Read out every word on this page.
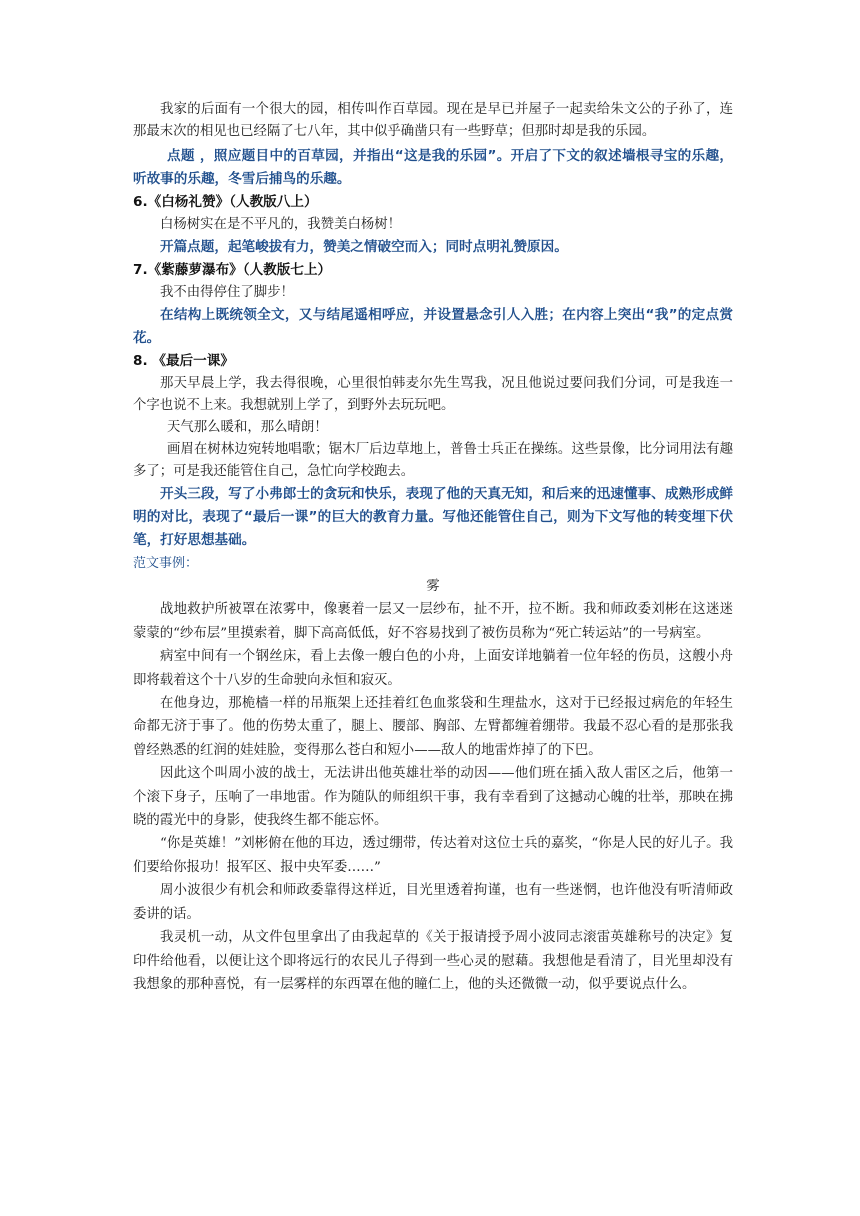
我家的后面有一个很大的园，相传叫作百草园。现在是早已并屋子一起卖给朱文公的子孙了，连那最末次的相见也已经隔了七八年，其中似乎确凿只有一些野草；但那时却是我的乐园。

点题 ，照应题目中的百草园，并指出“这是我的乐园”。开启了下文的叙述墙根寻宝的乐趣，听故事的乐趣，冬雪后捕鸟的乐趣。

6.《白杨礼赞》（人教版八上）

白杨树实在是不平凡的，我赞美白杨树！

开篇点题，起笔峻拔有力，赞美之情破空而入；同时点明礼赞原因。

7.《紫藤萝瀑布》（人教版七上）

我不由得停住了脚步！

在结构上既统领全文，又与结尾遥相呼应，并设置悬念引人入胜；在内容上突出“我”的定点赏花。

8. 《最后一课》

那天早晨上学，我去得很晚，心里很怕韩麦尔先生骂我，况且他说过要问我们分词，可是我连一个字也说不上来。我想就别上学了，到野外去玩玩吧。

天气那么暖和，那么晴朗！

画眉在树林边宛转地唱歌；锯木厂后边草地上，普鲁士兵正在操练。这些景像，比分词用法有趣多了；可是我还能管住自己，急忙向学校跑去。

开头三段，写了小弗郎士的贪玩和快乐，表现了他的天真无知，和后来的迅速懂事、成熟形成鲜明的对比，表现了“最后一课”的巨大的教育力量。写他还能管住自己，则为下文写他的转变埋下伏笔，打好思想基础。

范文事例：

雾

战地救护所被罩在浓雾中，像裹着一层又一层纱布，扯不开，拉不断。我和师政委刘彬在这迷迷蒙蒙的“纱布层”里摸索着，脚下高高低低，好不容易找到了被伤员称为“死亡转运站”的一号病室。

病室中间有一个钢丝床，看上去像一艘白色的小舟，上面安详地躺着一位年轻的伤员，这艘小舟即将载着这个十八岁的生命驶向永恒和寂灭。

在他身边，那桅樯一样的吊瓶架上还挂着红色血浆袋和生理盐水，这对于已经报过病危的年轻生命都无济于事了。他的伤势太重了，腿上、腰部、胸部、左臂都缠着绷带。我最不忍心看的是那张我曾经熟悉的红润的娃娃脸，变得那么苍白和短小——敌人的地雷炸掉了的下巴。

因此这个叫周小波的战士，无法讲出他英雄壮举的动因——他们班在插入敌人雷区之后，他第一个滚下身子，压响了一串地雷。作为随队的师组织干事，我有幸看到了这撼动心魄的壮举，那映在拂晓的霞光中的身影，使我终生都不能忘怀。

“你是英雄！”刘彬俯在他的耳边，透过绷带，传达着对这位士兵的嘉奖，“你是人民的好儿子。我们要给你报功！报军区、报中央军委……”

周小波很少有机会和师政委靠得这样近，目光里透着拘谨，也有一些迷惘，也许他没有听清师政委讲的话。

我灵机一动，从文件包里拿出了由我起草的《关于报请授予周小波同志滚雷英雄称号的决定》复印件给他看，以便让这个即将远行的农民儿子得到一些心灵的慰藉。我想他是看清了，目光里却没有我想象的那种喜悦，有一层雾样的东西罩在他的瞳仁上，他的头还微微一动，似乎要说点什么。
